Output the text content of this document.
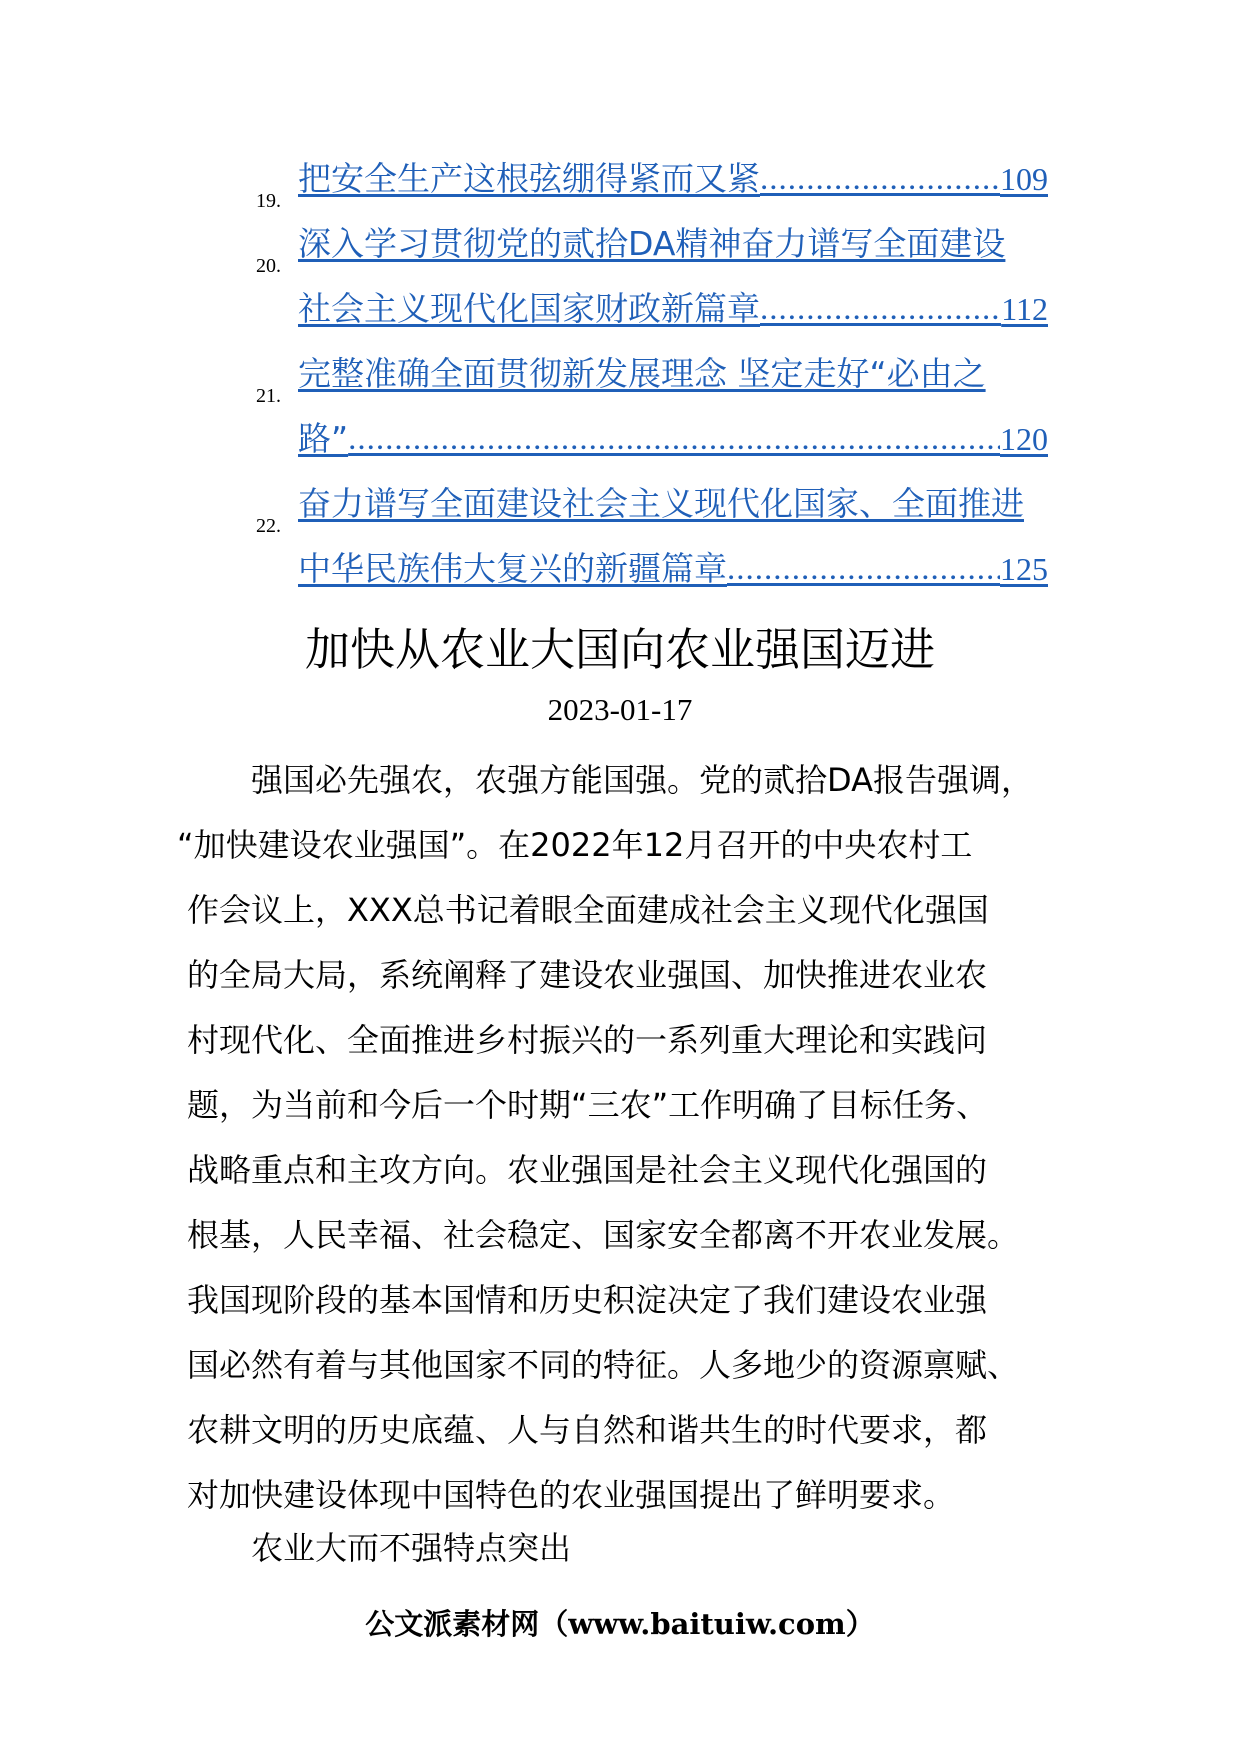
19.
把安全生产这根弦绷得紧而又紧 .....	109
20.
深入学习贯彻党的贰拾DA精神奋力谱写全面建设
社会主义现代化国家财政新篇章 .....	112
21.
完整准确全面贯彻新发展理念 坚定走好“必由之
路” .....	120
22.
奋力谱写全面建设社会主义现代化国家、全面推进
中华民族伟大复兴的新疆篇章 .....	125
加快从农业大国向农业强国迈进
2023-01-17
强国必先强农，农强方能国强。党的贰拾DA报告强调，
“加快建设农业强国”。在2022年12月召开的中央农村工
作会议上，XXX总书记着眼全面建成社会主义现代化强国
的全局大局，系统阐释了建设农业强国、加快推进农业农
村现代化、全面推进乡村振兴的一系列重大理论和实践问
题，为当前和今后一个时期“三农”工作明确了目标任务、
战略重点和主攻方向。农业强国是社会主义现代化强国的
根基，人民幸福、社会稳定、国家安全都离不开农业发展。
我国现阶段的基本国情和历史积淀决定了我们建设农业强
国必然有着与其他国家不同的特征。人多地少的资源禀赋、
农耕文明的历史底蕴、人与自然和谐共生的时代要求，都
对加快建设体现中国特色的农业强国提出了鲜明要求。
农业大而不强特点突出
公文派素材网（www.baituiw.com）
